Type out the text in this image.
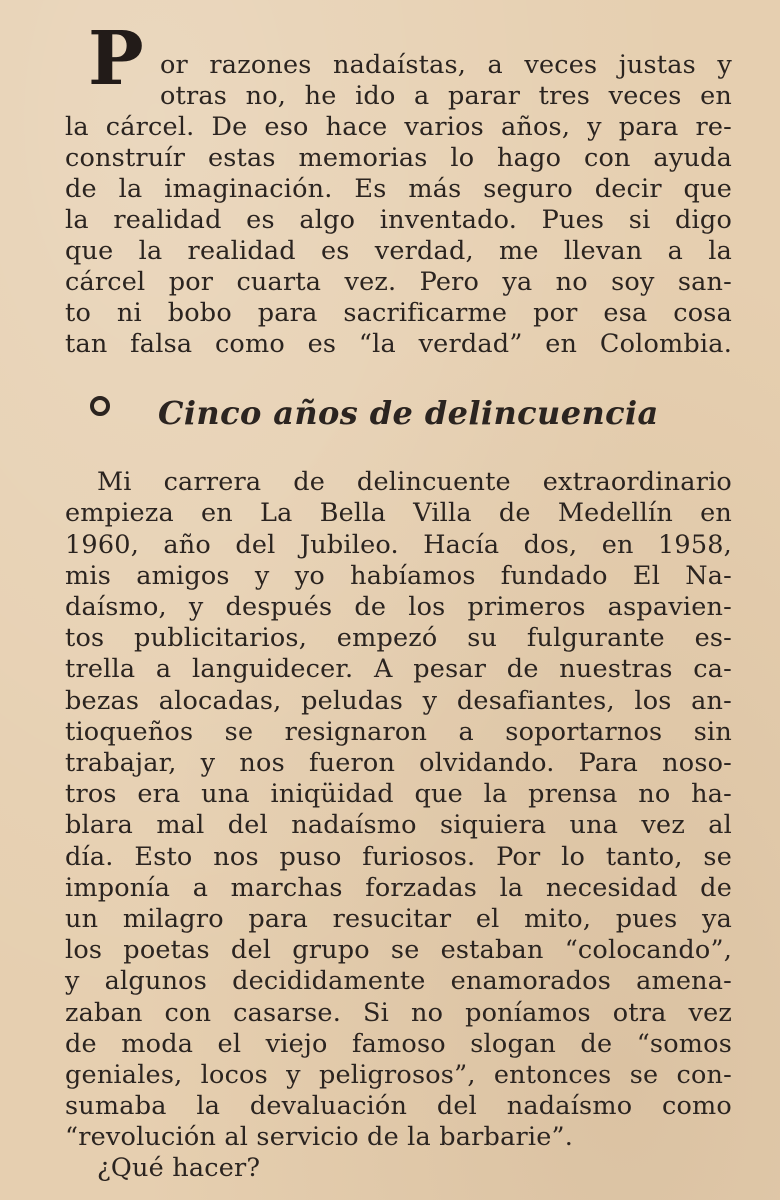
P or razones nadaístas, a veces justas y
otras no, he ido a parar tres veces en
la cárcel. De eso hace varios años, y para re-
construír estas memorias lo hago con ayuda
de la imaginación. Es más seguro decir que
la realidad es algo inventado. Pues si digo
que la realidad es verdad, me llevan a la
cárcel por cuarta vez. Pero ya no soy san-
to ni bobo para sacrificarme por esa cosa
tan falsa como es “la verdad” en Colombia.
Cinco años de delincuencia
Mi carrera de delincuente extraordinario
empieza en La Bella Villa de Medellín en
1960, año del Jubileo. Hacía dos, en 1958,
mis amigos y yo habíamos fundado El Na-
daísmo, y después de los primeros aspavien-
tos publicitarios, empezó su fulgurante es-
trella a languidecer. A pesar de nuestras ca-
bezas alocadas, peludas y desafiantes, los an-
tioqueños se resignaron a soportarnos sin
trabajar, y nos fueron olvidando. Para noso-
tros era una iniqüidad que la prensa no ha-
blara mal del nadaísmo siquiera una vez al
día. Esto nos puso furiosos. Por lo tanto, se
imponía a marchas forzadas la necesidad de
un milagro para resucitar el mito, pues ya
los poetas del grupo se estaban “colocando”,
y algunos decididamente enamorados amena-
zaban con casarse. Si no poníamos otra vez
de moda el viejo famoso slogan de “somos
geniales, locos y peligrosos”, entonces se con-
sumaba la devaluación del nadaísmo como
“revolución al servicio de la barbarie”.
¿Qué hacer?
